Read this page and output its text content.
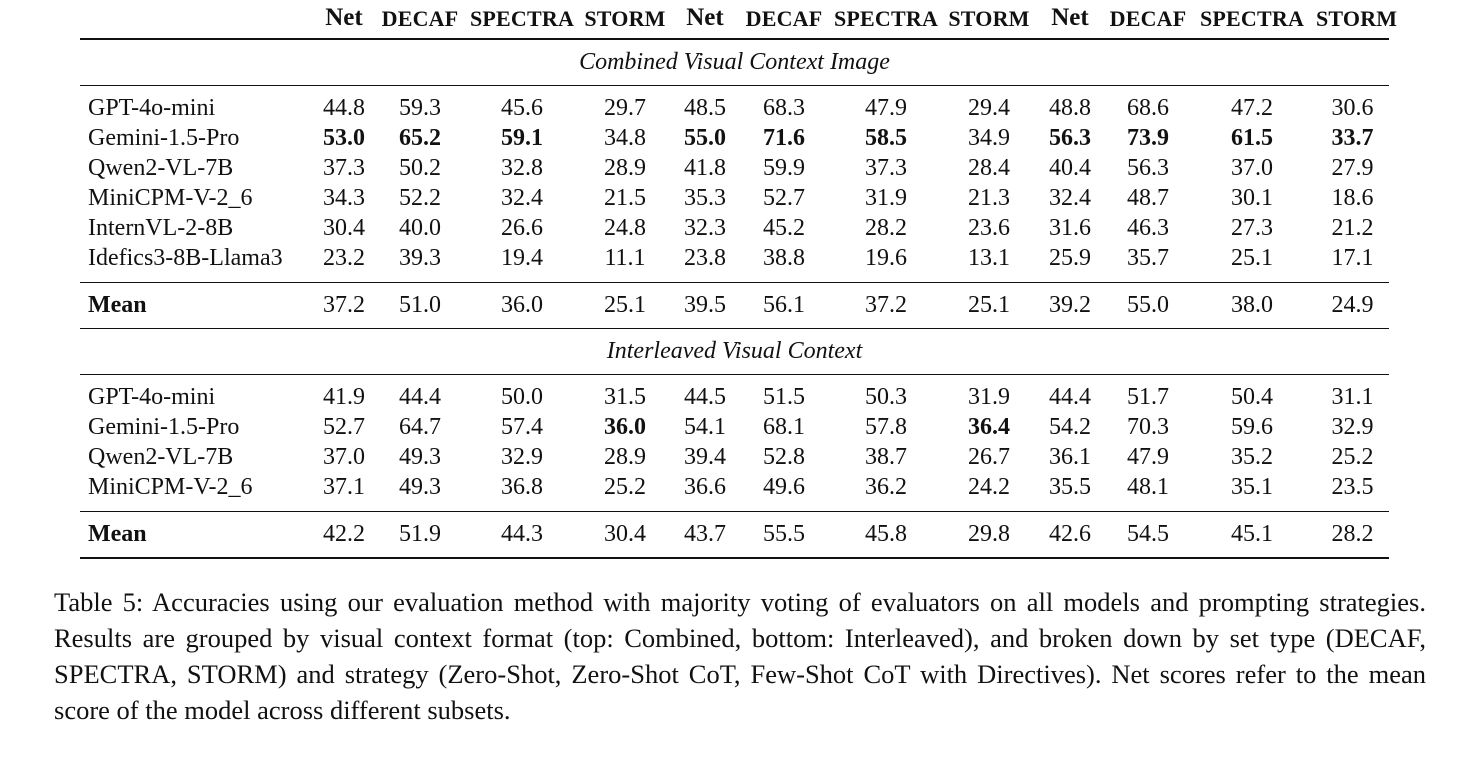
	Net	DECAF	SPECTRA	STORM	Net	DECAF	SPECTRA	STORM	Net	DECAF	SPECTRA	STORM
Combined Visual Context Image												
GPT-4o-mini	44.8	59.3	45.6	29.7	48.5	68.3	47.9	29.4	48.8	68.6	47.2	30.6
Gemini-1.5-Pro	53.0	65.2	59.1	34.8	55.0	71.6	58.5	34.9	56.3	73.9	61.5	33.7
Qwen2-VL-7B	37.3	50.2	32.8	28.9	41.8	59.9	37.3	28.4	40.4	56.3	37.0	27.9
MiniCPM-V-2_6	34.3	52.2	32.4	21.5	35.3	52.7	31.9	21.3	32.4	48.7	30.1	18.6
InternVL-2-8B	30.4	40.0	26.6	24.8	32.3	45.2	28.2	23.6	31.6	46.3	27.3	21.2
Idefics3-8B-Llama3	23.2	39.3	19.4	11.1	23.8	38.8	19.6	13.1	25.9	35.7	25.1	17.1
Mean	37.2	51.0	36.0	25.1	39.5	56.1	37.2	25.1	39.2	55.0	38.0	24.9
Interleaved Visual Context												
GPT-4o-mini	41.9	44.4	50.0	31.5	44.5	51.5	50.3	31.9	44.4	51.7	50.4	31.1
Gemini-1.5-Pro	52.7	64.7	57.4	36.0	54.1	68.1	57.8	36.4	54.2	70.3	59.6	32.9
Qwen2-VL-7B	37.0	49.3	32.9	28.9	39.4	52.8	38.7	26.7	36.1	47.9	35.2	25.2
MiniCPM-V-2_6	37.1	49.3	36.8	25.2	36.6	49.6	36.2	24.2	35.5	48.1	35.1	23.5
Mean	42.2	51.9	44.3	30.4	43.7	55.5	45.8	29.8	42.6	54.5	45.1	28.2
Table 5: Accuracies using our evaluation method with majority voting of evaluators on all models and prompting strategies. Results are grouped by visual context format (top: Combined, bottom: Interleaved), and broken down by set type (DECAF, SPECTRA, STORM) and strategy (Zero-Shot, Zero-Shot CoT, Few-Shot CoT with Directives). Net scores refer to the mean score of the model across different subsets.
